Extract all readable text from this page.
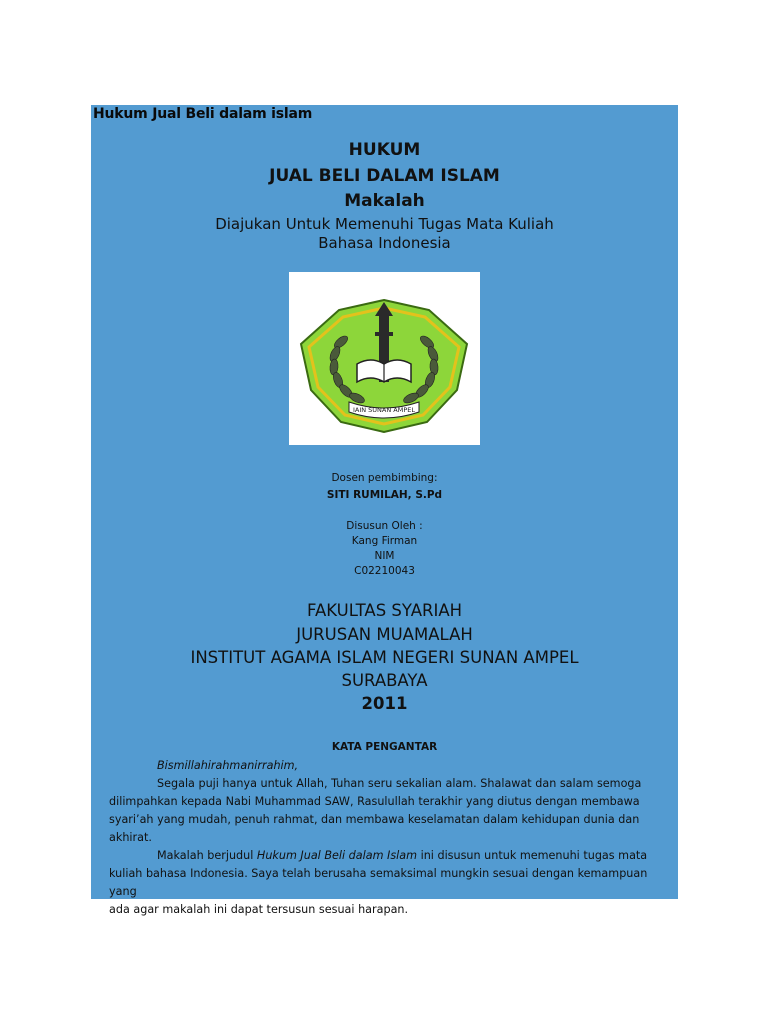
Hukum Jual Beli dalam islam
HUKUM
JUAL BELI DALAM ISLAM
Makalah
Diajukan Untuk Memenuhi Tugas Mata Kuliah
Bahasa Indonesia
IAIN SUNAN AMPEL
Dosen pembimbing:
SITI RUMILAH, S.Pd
Disusun Oleh :
Kang Firman
NIM
C02210043
FAKULTAS SYARIAH
JURUSAN MUAMALAH
INSTITUT AGAMA ISLAM NEGERI SUNAN AMPEL
SURABAYA
2011
KATA PENGANTAR

Bismillahirahmanirrahim,

Segala puji hanya untuk Allah, Tuhan seru sekalian alam. Shalawat dan salam semoga

dilimpahkan kepada Nabi Muhammad SAW, Rasulullah terakhir yang diutus dengan membawa

syari’ah yang mudah, penuh rahmat, dan membawa keselamatan dalam kehidupan dunia dan

akhirat.

Makalah berjudul Hukum Jual Beli dalam Islam ini disusun untuk memenuhi tugas mata

kuliah bahasa Indonesia. Saya telah berusaha semaksimal mungkin sesuai dengan kemampuan yang

ada agar makalah ini dapat tersusun sesuai harapan.
